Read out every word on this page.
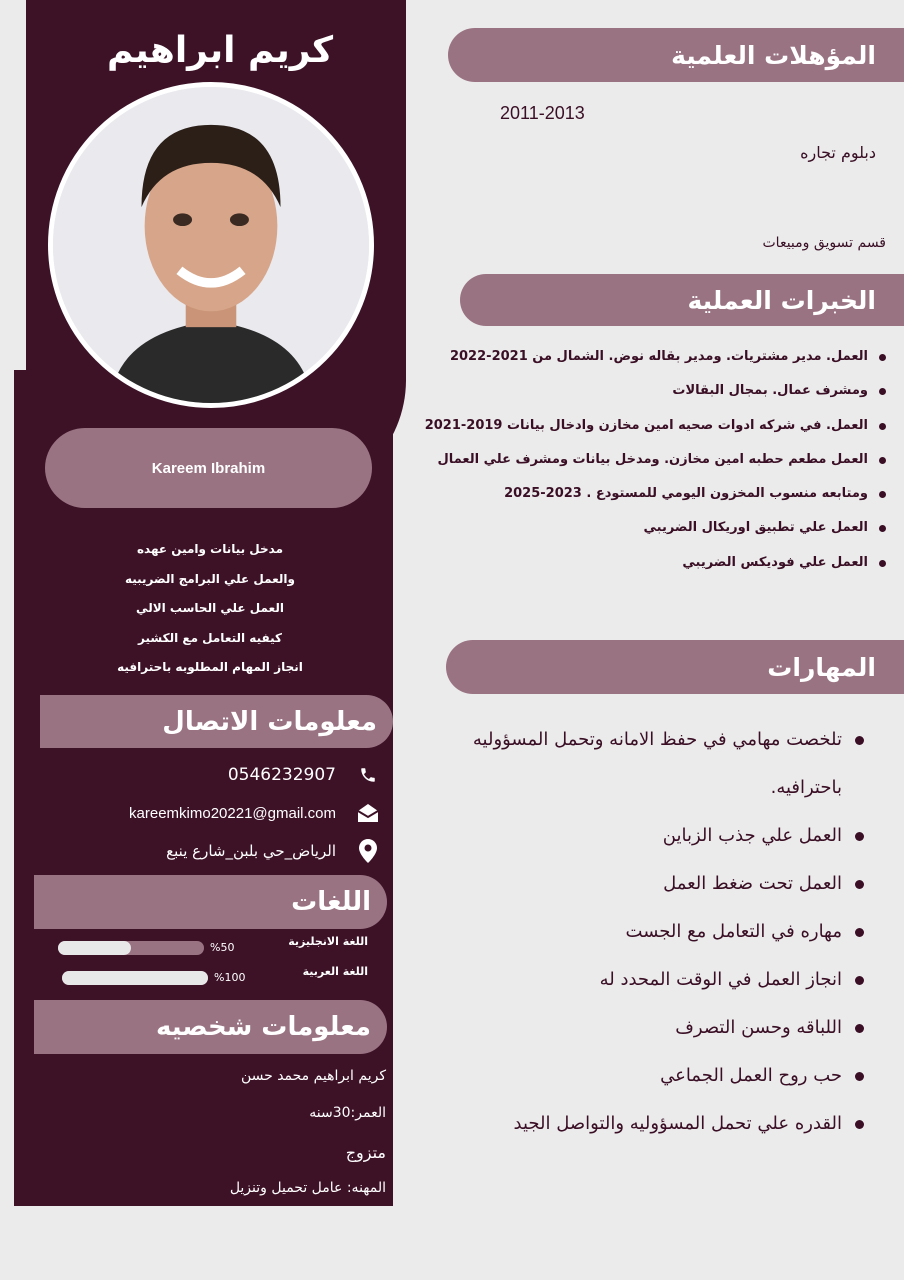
كريم ابراهيم
Kareem Ibrahim
مدخل بيانات وامين عهده
والعمل علي البرامج الضريبيه
العمل علي الحاسب الالي
كيفيه التعامل مع الكشير
انجاز المهام المطلوبه باحترافيه
معلومات الاتصال
0546232907
kareemkimo20221@gmail.com
الرياض_حي بلبن_شارع ينبع
اللغات
%50	اللغة الانجليزية
%100	اللغة العربية
معلومات شخصيه
كريم ابراهيم محمد حسن
العمر:30سنه
متزوج
المهنه: عامل تحميل وتنزيل
المؤهلات العلمية
2011-2013
دبلوم تجاره
قسم تسويق ومبيعات
الخبرات العملية
العمل. مدير مشتريات. ومدير بقاله نوض. الشمال من 2021-2022
ومشرف عمال. بمجال البقالات
العمل. في شركه ادوات صحيه امين مخازن وادخال بيانات 2019-2021
العمل مطعم حطبه امين مخازن. ومدخل بيانات ومشرف علي العمال
ومتابعه منسوب المخزون اليومي للمستودع . 2023-2025
العمل علي تطبيق اوريكال الضريبي
العمل علي فوديكس الضريبي
المهارات
تلخصت مهامي في حفظ الامانه وتحمل المسؤوليه باحترافيه.
العمل علي جذب الزباين
العمل تحت ضغط العمل
مهاره في التعامل مع الجست
انجاز العمل في الوقت المحدد له
اللباقه وحسن التصرف
حب روح العمل الجماعي
القدره علي تحمل المسؤوليه والتواصل الجيد
